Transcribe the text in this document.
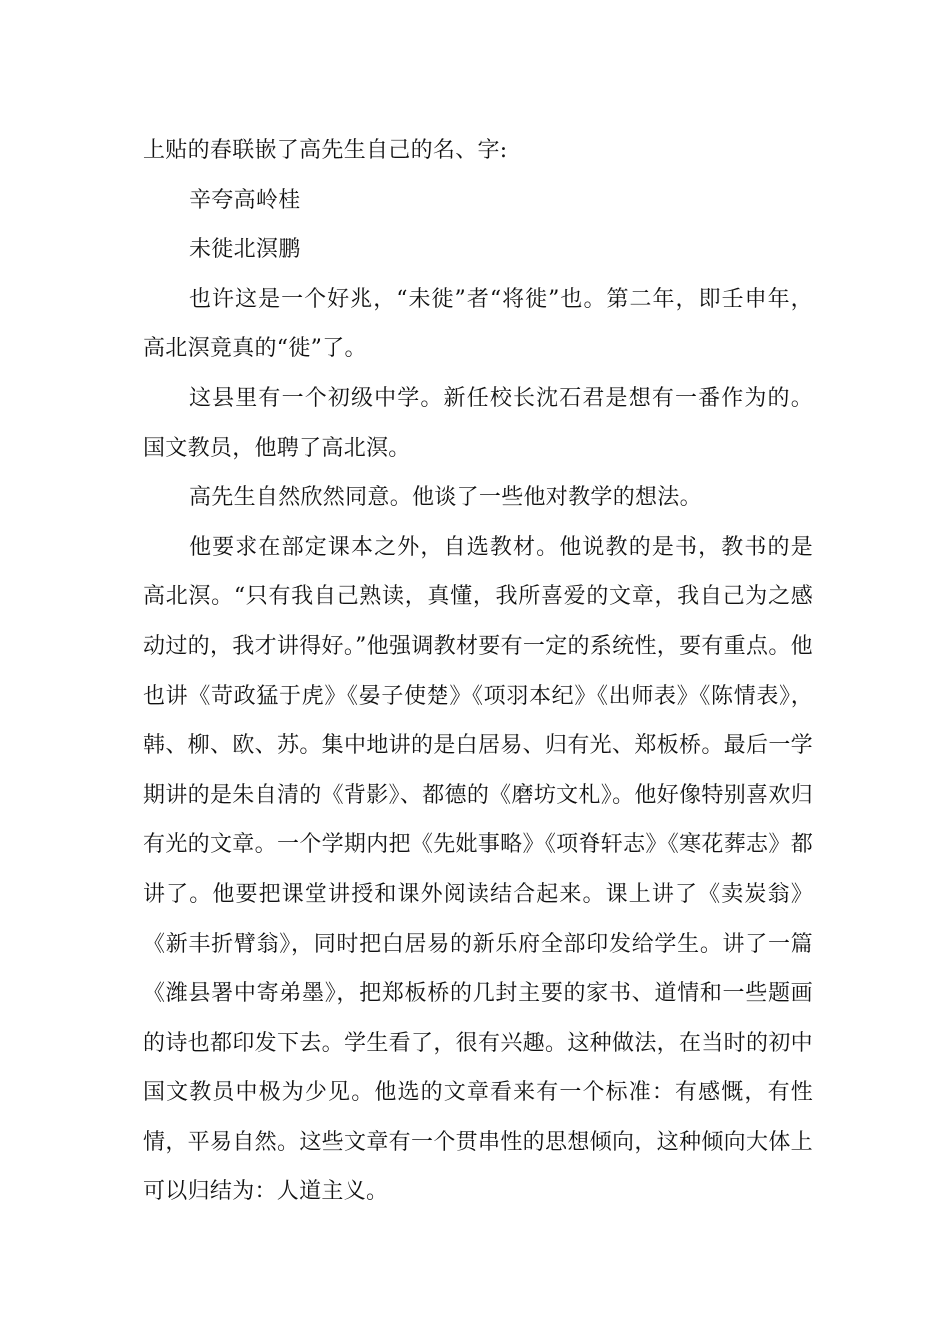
上贴的春联嵌了高先生自己的名、字:

辛夸高岭桂

未徙北溟鹏

也许这是一个好兆，“未徙”者“将徙”也。第二年，即壬申年，高北溟竟真的“徙”了。

这县里有一个初级中学。新任校长沈石君是想有一番作为的。国文教员，他聘了高北溟。

高先生自然欣然同意。他谈了一些他对教学的想法。

他要求在部定课本之外，自选教材。他说教的是书，教书的是高北溟。“只有我自己熟读，真懂，我所喜爱的文章，我自己为之感动过的，我才讲得好。”他强调教材要有一定的系统性，要有重点。他也讲《苛政猛于虎》《晏子使楚》《项羽本纪》《出师表》《陈情表》，韩、柳、欧、苏。集中地讲的是白居易、归有光、郑板桥。最后一学期讲的是朱自清的《背影》、都德的《磨坊文札》。他好像特别喜欢归有光的文章。一个学期内把《先妣事略》《项脊轩志》《寒花葬志》都讲了。他要把课堂讲授和课外阅读结合起来。课上讲了《卖炭翁》《新丰折臂翁》，同时把白居易的新乐府全部印发给学生。讲了一篇《潍县署中寄弟墨》，把郑板桥的几封主要的家书、道情和一些题画的诗也都印发下去。学生看了，很有兴趣。这种做法，在当时的初中国文教员中极为少见。他选的文章看来有一个标准：有感慨，有性情，平易自然。这些文章有一个贯串性的思想倾向，这种倾向大体上可以归结为：人道主义。
